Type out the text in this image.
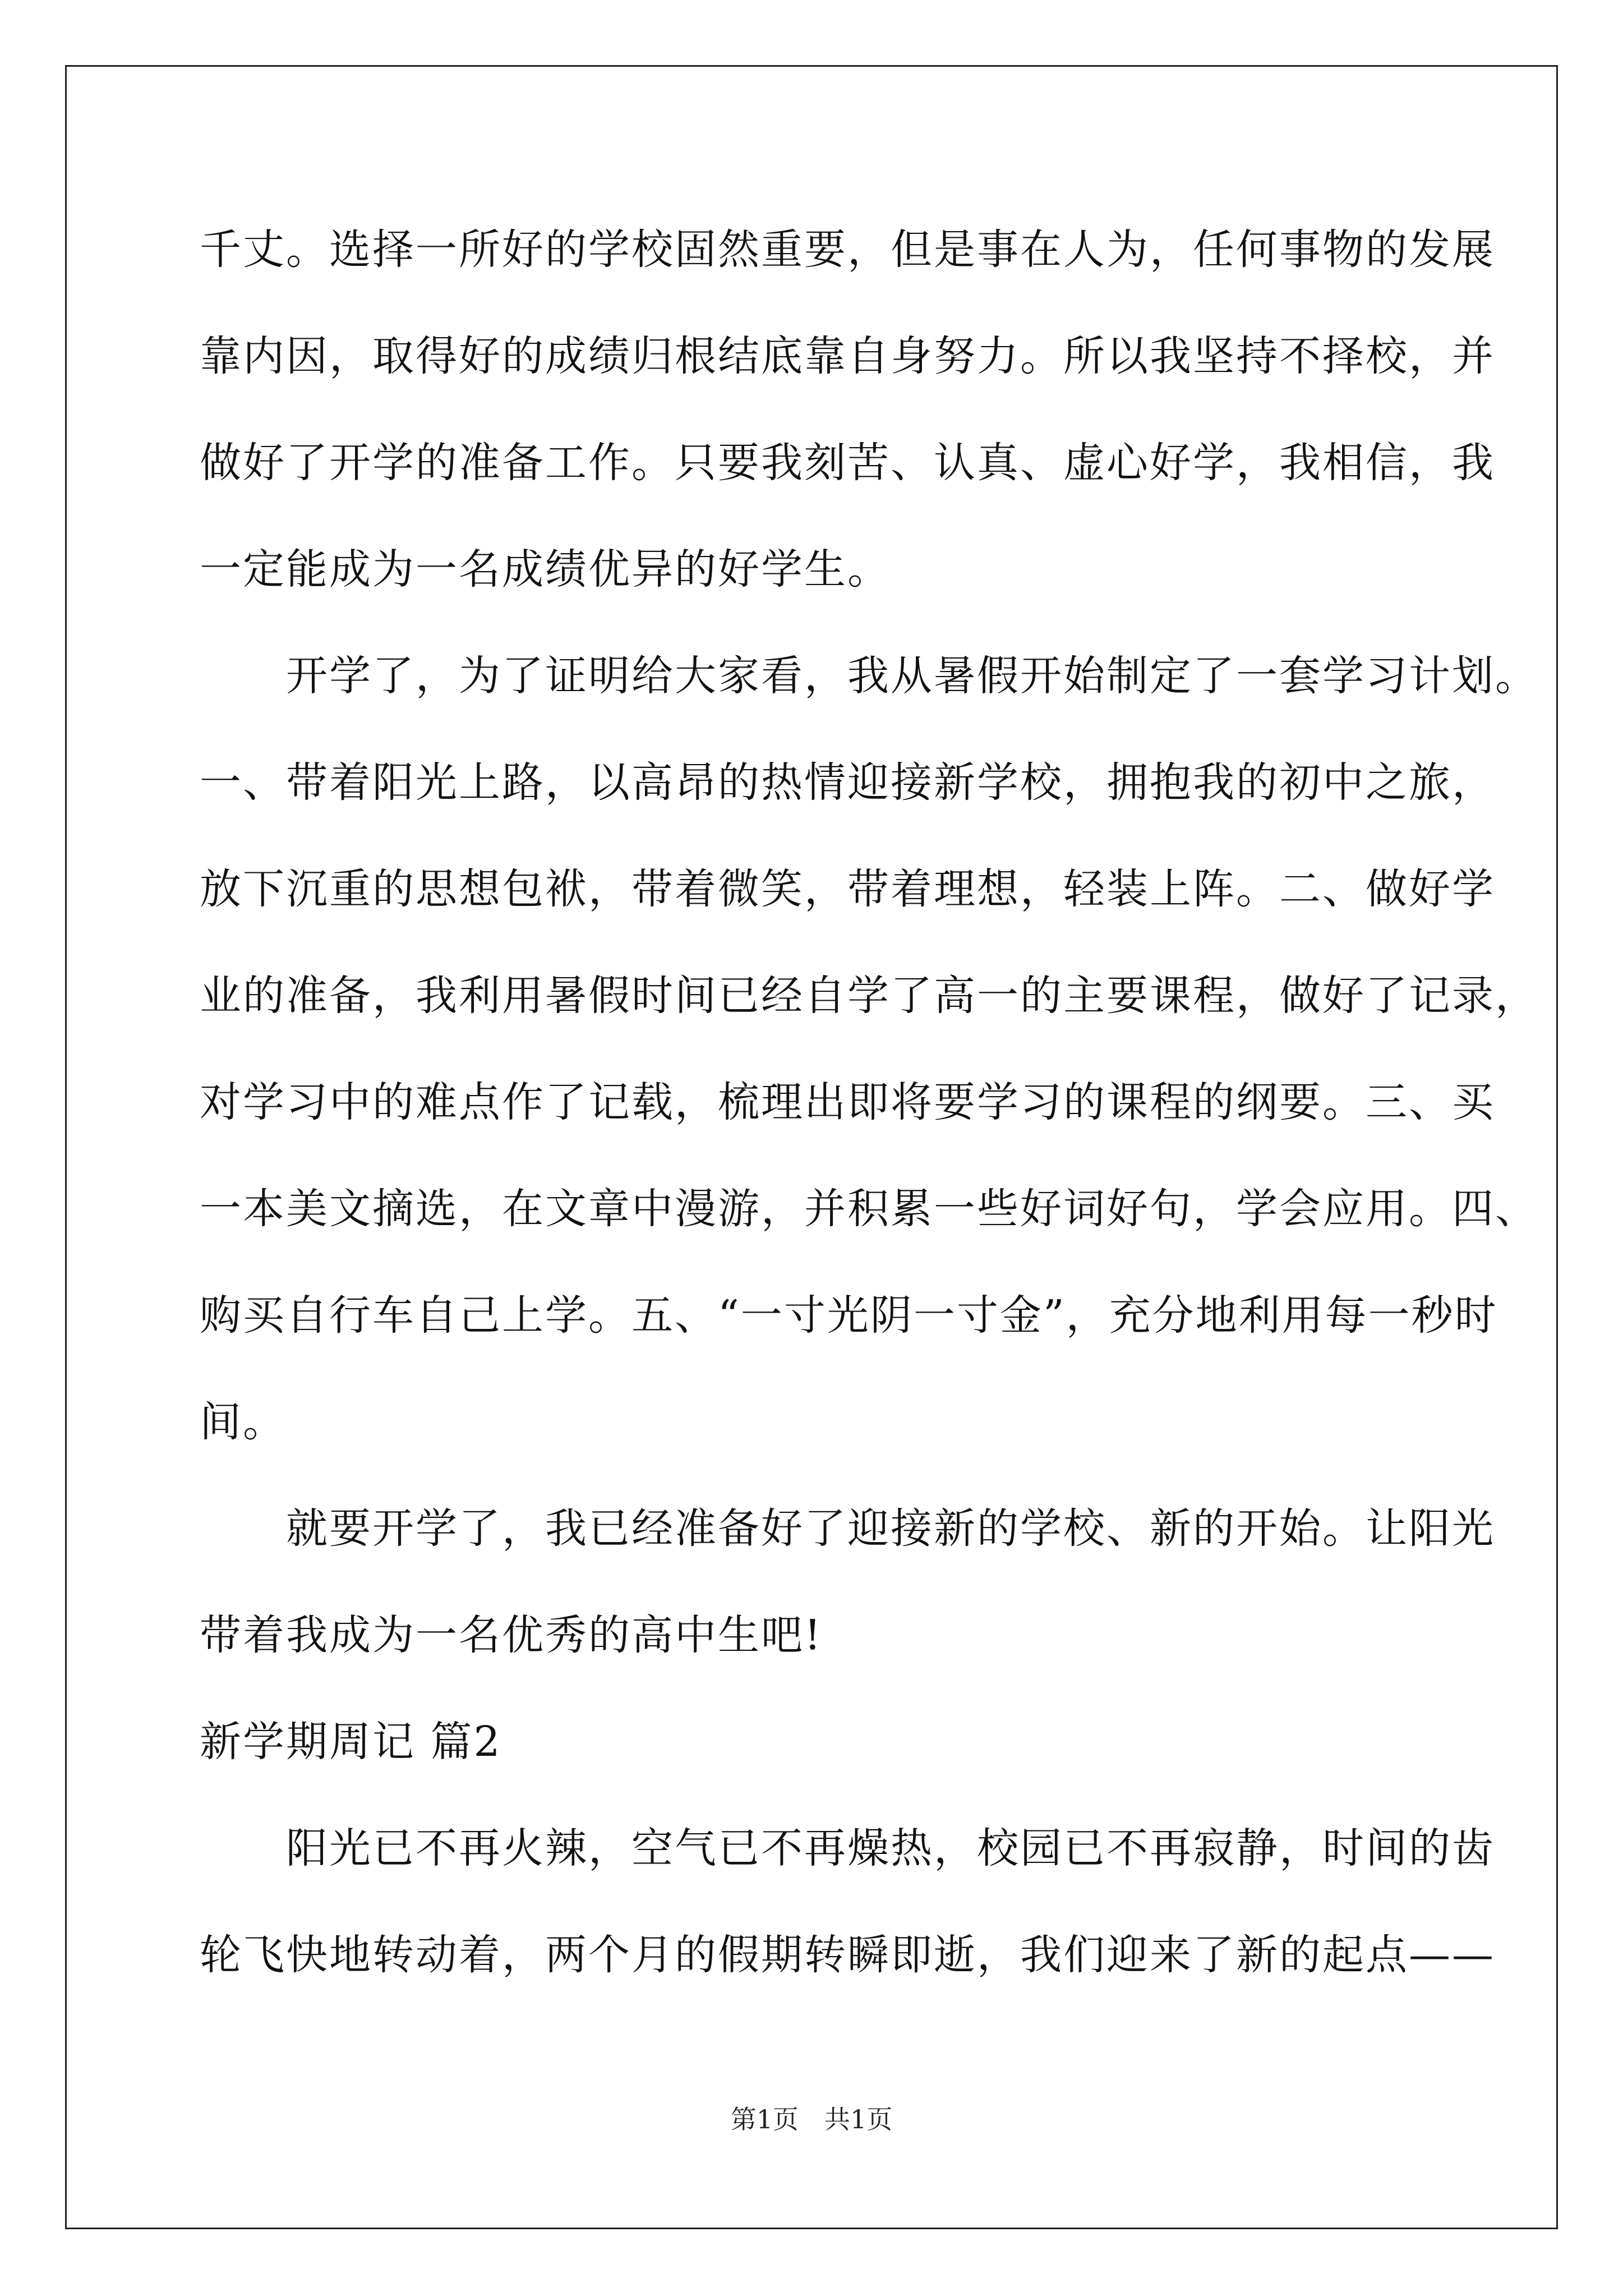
千丈。选择一所好的学校固然重要，但是事在人为，任何事物的发展

靠内因，取得好的成绩归根结底靠自身努力。所以我坚持不择校，并

做好了开学的准备工作。只要我刻苦、认真、虚心好学，我相信，我

一定能成为一名成绩优异的好学生。

　　开学了，为了证明给大家看，我从暑假开始制定了一套学习计划。

一、带着阳光上路，以高昂的热情迎接新学校，拥抱我的初中之旅，

放下沉重的思想包袱，带着微笑，带着理想，轻装上阵。二、做好学

业的准备，我利用暑假时间已经自学了高一的主要课程，做好了记录，

对学习中的难点作了记载，梳理出即将要学习的课程的纲要。三、买

一本美文摘选，在文章中漫游，并积累一些好词好句，学会应用。四、

购买自行车自己上学。五、“一寸光阴一寸金”，充分地利用每一秒时

间。

　　就要开学了，我已经准备好了迎接新的学校、新的开始。让阳光

带着我成为一名优秀的高中生吧!

新学期周记 篇2

　　阳光已不再火辣，空气已不再燥热，校园已不再寂静，时间的齿

轮飞快地转动着，两个月的假期转瞬即逝，我们迎来了新的起点——

第1页　共1页
